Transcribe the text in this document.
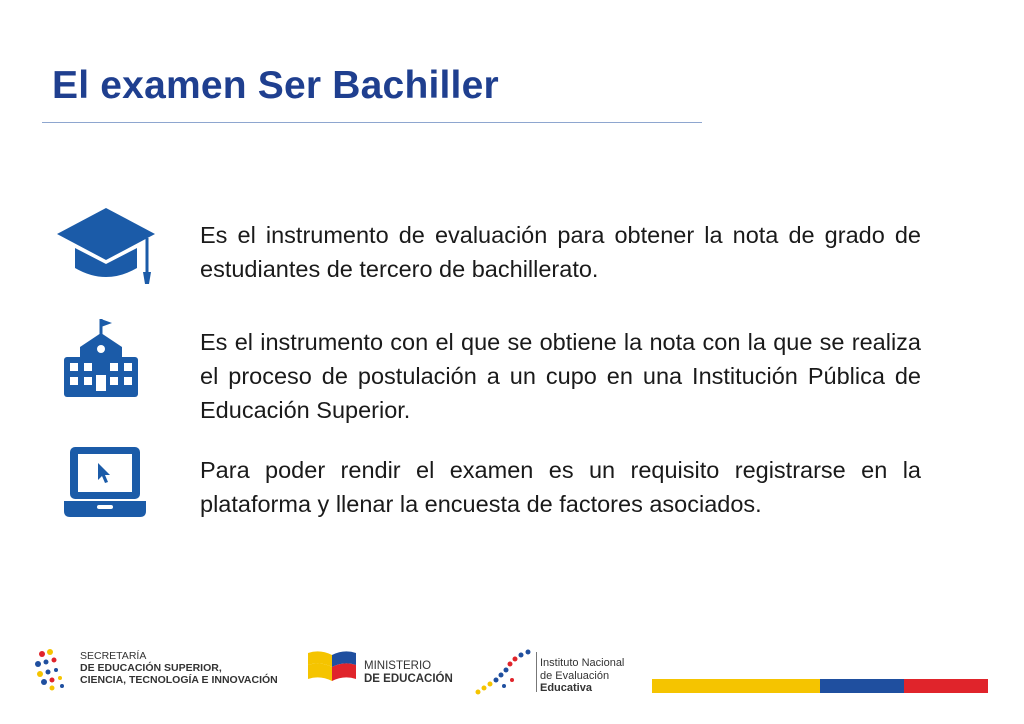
El examen Ser Bachiller
Es el instrumento de evaluación para obtener la nota de grado de estudiantes de tercero de bachillerato.
Es el instrumento con el que se obtiene la nota con la que se realiza el proceso de postulación a un cupo en una Institución Pública de Educación Superior.
Para poder rendir el examen es un requisito registrarse en la plataforma y llenar la encuesta de factores asociados.
SECRETARÍA
DE EDUCACIÓN SUPERIOR,
CIENCIA, TECNOLOGÍA E INNOVACIÓN
MINISTERIO
DE EDUCACIÓN
Instituto Nacional
de Evaluación
Educativa
